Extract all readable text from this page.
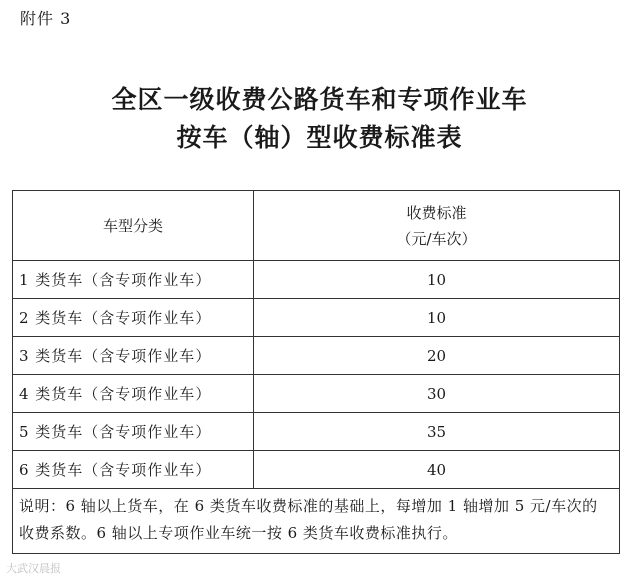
附件 3
全区一级收费公路货车和专项作业车
按车（轴）型收费标准表
车型分类	收费标准
（元/车次）

1 类货车（含专项作业车）	10
2 类货车（含专项作业车）	10
3 类货车（含专项作业车）	20
4 类货车（含专项作业车）	30
5 类货车（含专项作业车）	35
6 类货车（含专项作业车）	40
说明：6 轴以上货车，在 6 类货车收费标准的基础上，每增加 1 轴增加 5 元/车次的收费系数。6 轴以上专项作业车统一按 6 类货车收费标准执行。	
大武汉晨报
